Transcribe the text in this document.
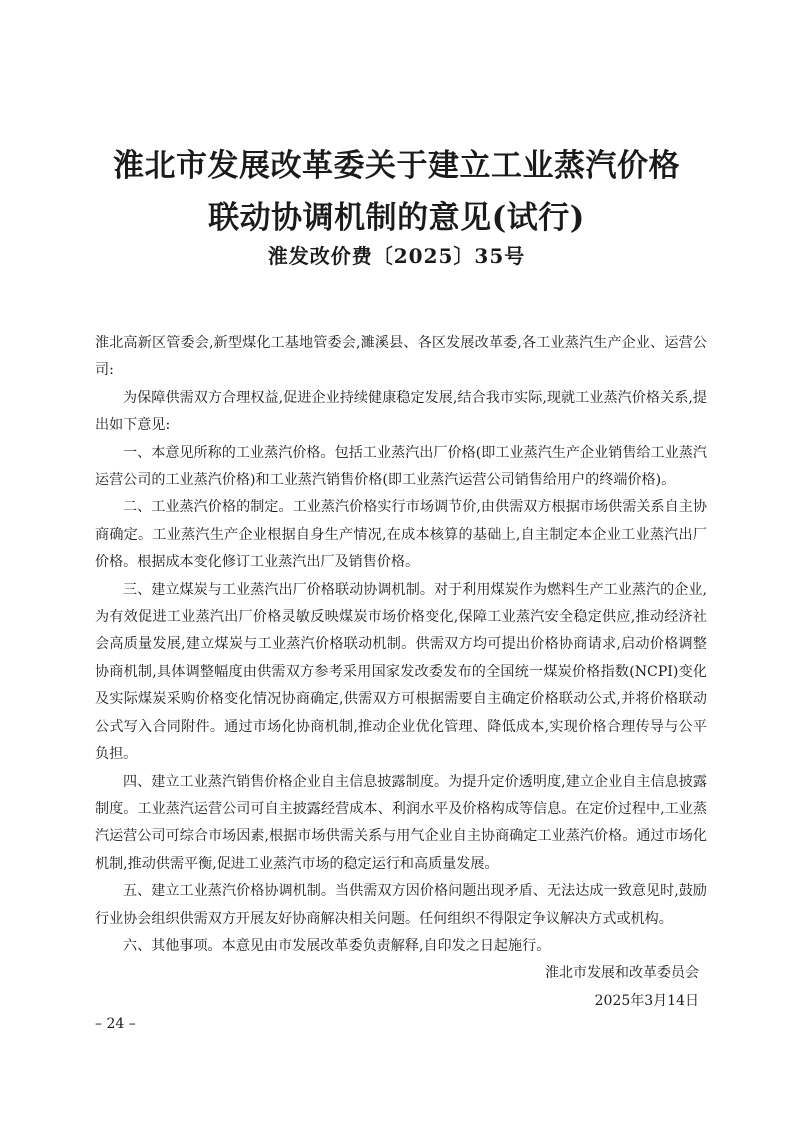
淮北市发展改革委关于建立工业蒸汽价格
联动协调机制的意见(试行)

淮发改价费〔2025〕35号

淮北高新区管委会,新型煤化工基地管委会,濉溪县、各区发展改革委,各工业蒸汽生产企业、运营公司:

为保障供需双方合理权益,促进企业持续健康稳定发展,结合我市实际,现就工业蒸汽价格关系,提出如下意见:

一、本意见所称的工业蒸汽价格。包括工业蒸汽出厂价格(即工业蒸汽生产企业销售给工业蒸汽运营公司的工业蒸汽价格)和工业蒸汽销售价格(即工业蒸汽运营公司销售给用户的终端价格)。

二、工业蒸汽价格的制定。工业蒸汽价格实行市场调节价,由供需双方根据市场供需关系自主协商确定。工业蒸汽生产企业根据自身生产情况,在成本核算的基础上,自主制定本企业工业蒸汽出厂价格。根据成本变化修订工业蒸汽出厂及销售价格。

三、建立煤炭与工业蒸汽出厂价格联动协调机制。对于利用煤炭作为燃料生产工业蒸汽的企业,为有效促进工业蒸汽出厂价格灵敏反映煤炭市场价格变化,保障工业蒸汽安全稳定供应,推动经济社会高质量发展,建立煤炭与工业蒸汽价格联动机制。供需双方均可提出价格协商请求,启动价格调整协商机制,具体调整幅度由供需双方参考采用国家发改委发布的全国统一煤炭价格指数(NCPI)变化及实际煤炭采购价格变化情况协商确定,供需双方可根据需要自主确定价格联动公式,并将价格联动公式写入合同附件。通过市场化协商机制,推动企业优化管理、降低成本,实现价格合理传导与公平负担。

四、建立工业蒸汽销售价格企业自主信息披露制度。为提升定价透明度,建立企业自主信息披露制度。工业蒸汽运营公司可自主披露经营成本、利润水平及价格构成等信息。在定价过程中,工业蒸汽运营公司可综合市场因素,根据市场供需关系与用气企业自主协商确定工业蒸汽价格。通过市场化机制,推动供需平衡,促进工业蒸汽市场的稳定运行和高质量发展。

五、建立工业蒸汽价格协调机制。当供需双方因价格问题出现矛盾、无法达成一致意见时,鼓励行业协会组织供需双方开展友好协商解决相关问题。任何组织不得限定争议解决方式或机构。

六、其他事项。本意见由市发展改革委负责解释,自印发之日起施行。

淮北市发展和改革委员会

2025年3月14日

– 24 –
